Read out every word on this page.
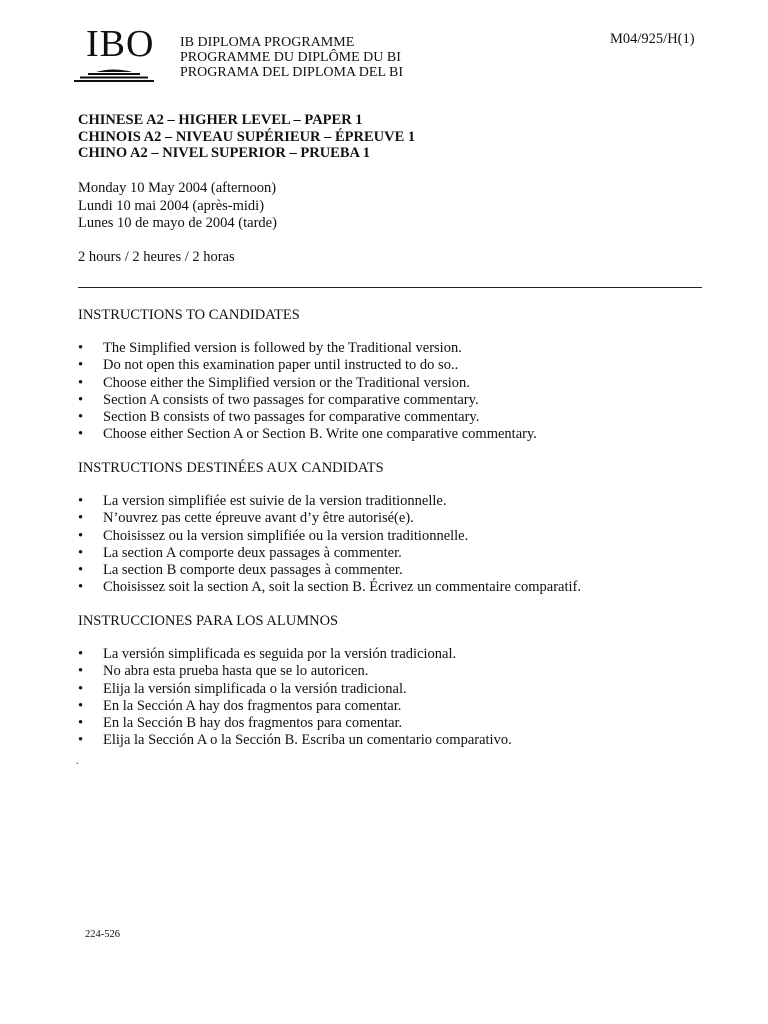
IBO IB DIPLOMA PROGRAMME
PROGRAMME DU DIPLÔME DU BI
PROGRAMA DEL DIPLOMA DEL BI
M04/925/H(1)
CHINESE A2 – HIGHER LEVEL – PAPER 1
CHINOIS A2 – NIVEAU SUPÉRIEUR – ÉPREUVE 1
CHINO A2 – NIVEL SUPERIOR – PRUEBA 1
Monday 10 May 2004 (afternoon)
Lundi 10 mai 2004 (après-midi)
Lunes 10 de mayo de 2004 (tarde)
2 hours / 2 heures / 2 horas
INSTRUCTIONS TO CANDIDATES
• The Simplified version is followed by the Traditional version.
• Do not open this examination paper until instructed to do so..
• Choose either the Simplified version or the Traditional version.
• Section A consists of two passages for comparative commentary.
• Section B consists of two passages for comparative commentary.
• Choose either Section A or Section B. Write one comparative commentary.
INSTRUCTIONS DESTINÉES AUX CANDIDATS
• La version simplifiée est suivie de la version traditionnelle.
• N’ouvrez pas cette épreuve avant d’y être autorisé(e).
• Choisissez ou la version simplifiée ou la version traditionnelle.
• La section A comporte deux passages à commenter.
• La section B comporte deux passages à commenter.
• Choisissez soit la section A, soit la section B. Écrivez un commentaire comparatif.
INSTRUCCIONES PARA LOS ALUMNOS
• La versión simplificada es seguida por la versión tradicional.
• No abra esta prueba hasta que se lo autoricen.
• Elija la versión simplificada o la versión tradicional.
• En la Sección A hay dos fragmentos para comentar.
• En la Sección B hay dos fragmentos para comentar.
• Elija la Sección A o la Sección B. Escriba un comentario comparativo.
.
224-526
